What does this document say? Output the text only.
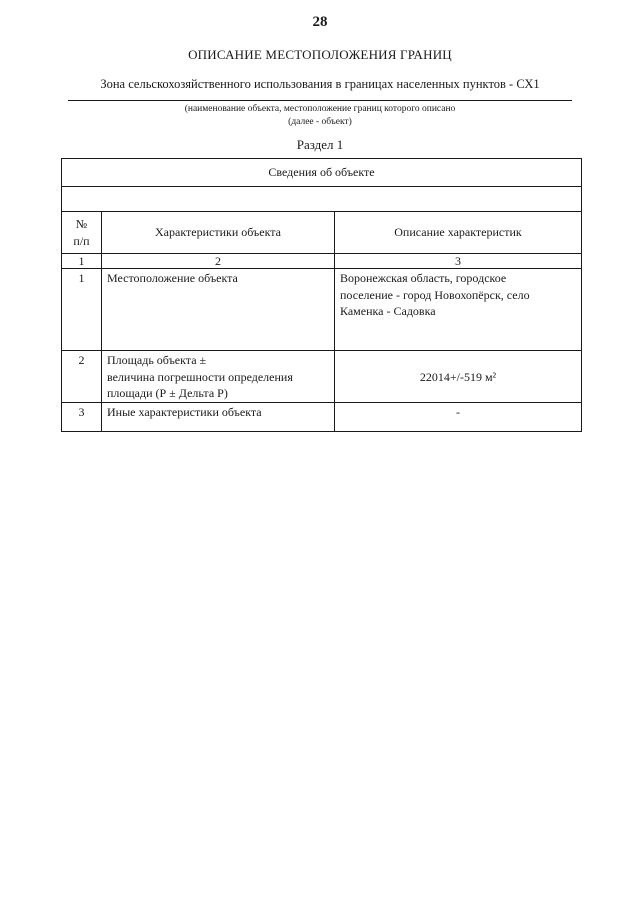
28
ОПИСАНИЕ МЕСТОПОЛОЖЕНИЯ ГРАНИЦ
Зона сельскохозяйственного использования в границах населенных пунктов - СХ1
(наименование объекта, местоположение границ которого описано
(далее - объект)
Раздел 1
Сведения об объекте		

№
п/п	Характеристики объекта	Описание характеристик
1	2	3
1	Местоположение объекта	Воронежская область, городское
поселение - город Новохопёрск, село
Каменка - Садовка

2	Площадь объекта ±
величина погрешности определения
площади (Р ± Дельта Р)	22014+/-519 м²

3	Иные характеристики объекта	-
